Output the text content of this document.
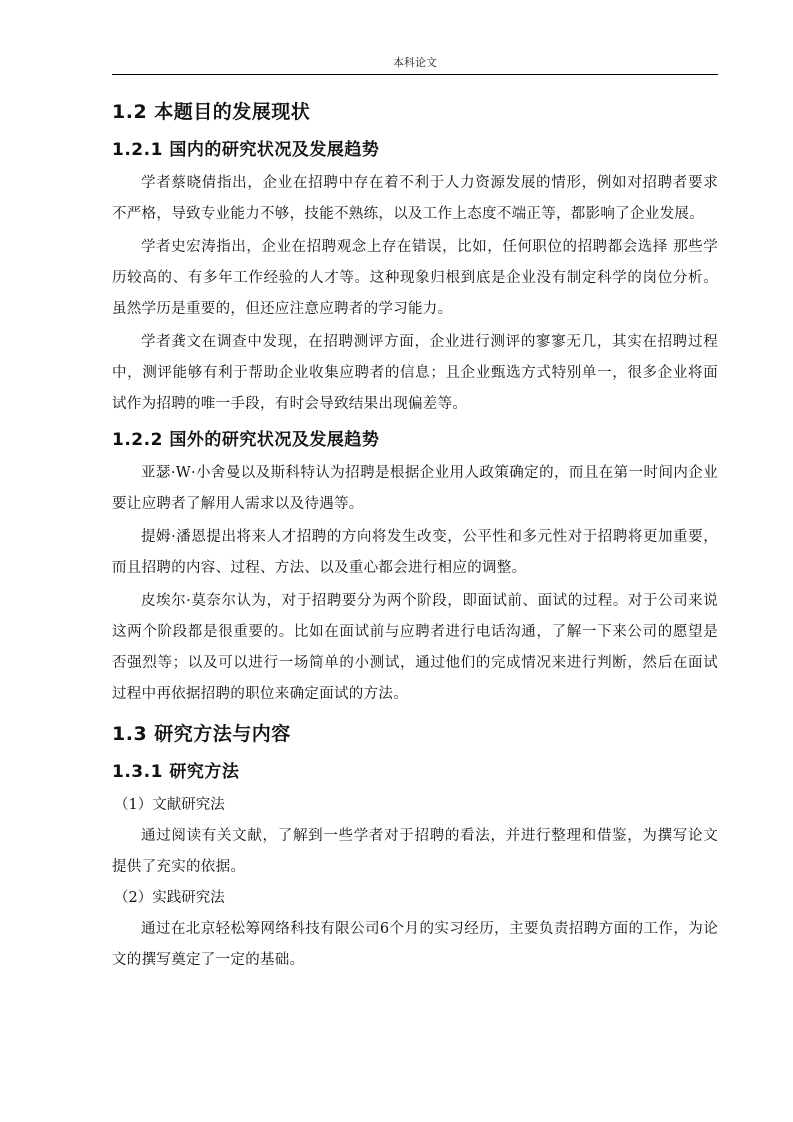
本科论文
1.2 本题目的发展现状
1.2.1 国内的研究状况及发展趋势

学者蔡晓倩指出，企业在招聘中存在着不利于人力资源发展的情形，例如对招聘者要求不严格，导致专业能力不够，技能不熟练，以及工作上态度不端正等，都影响了企业发展。

学者史宏涛指出，企业在招聘观念上存在错误，比如，任何职位的招聘都会选择 那些学历较高的、有多年工作经验的人才等。这种现象归根到底是企业没有制定科学的岗位分析。虽然学历是重要的，但还应注意应聘者的学习能力。

学者龚文在调查中发现，在招聘测评方面，企业进行测评的寥寥无几，其实在招聘过程中，测评能够有利于帮助企业收集应聘者的信息；且企业甄选方式特别单一，很多企业将面试作为招聘的唯一手段，有时会导致结果出现偏差等。

1.2.2 国外的研究状况及发展趋势

亚瑟·W·小舍曼以及斯科特认为招聘是根据企业用人政策确定的，而且在第一时间内企业要让应聘者了解用人需求以及待遇等。

提姆·潘恩提出将来人才招聘的方向将发生改变，公平性和多元性对于招聘将更加重要，而且招聘的内容、过程、方法、以及重心都会进行相应的调整。

皮埃尔·莫奈尔认为，对于招聘要分为两个阶段，即面试前、面试的过程。对于公司来说这两个阶段都是很重要的。比如在面试前与应聘者进行电话沟通，了解一下来公司的愿望是否强烈等；以及可以进行一场简单的小测试，通过他们的完成情况来进行判断，然后在面试过程中再依据招聘的职位来确定面试的方法。

1.3 研究方法与内容
1.3.1 研究方法
（1）文献研究法

通过阅读有关文献，了解到一些学者对于招聘的看法，并进行整理和借鉴，为撰写论文提供了充实的依据。

（2）实践研究法

通过在北京轻松筹网络科技有限公司6个月的实习经历，主要负责招聘方面的工作，为论文的撰写奠定了一定的基础。
